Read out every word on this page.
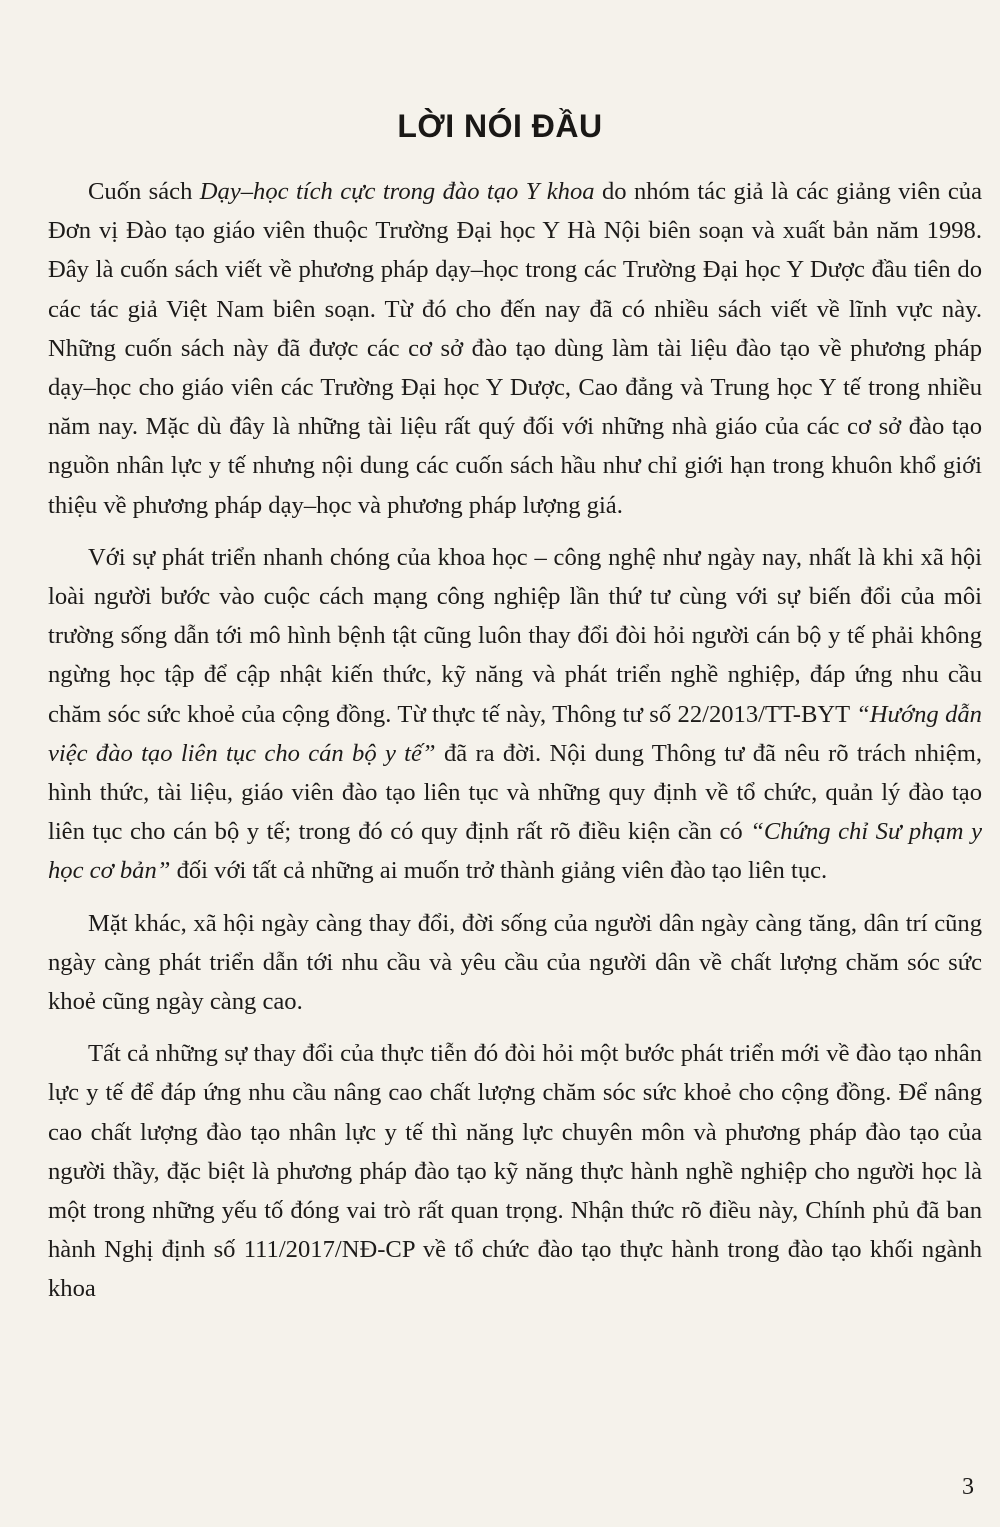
LỜI NÓI ĐẦU

Cuốn sách Dạy–học tích cực trong đào tạo Y khoa do nhóm tác giả là các giảng viên của Đơn vị Đào tạo giáo viên thuộc Trường Đại học Y Hà Nội biên soạn và xuất bản năm 1998. Đây là cuốn sách viết về phương pháp dạy–học trong các Trường Đại học Y Dược đầu tiên do các tác giả Việt Nam biên soạn. Từ đó cho đến nay đã có nhiều sách viết về lĩnh vực này. Những cuốn sách này đã được các cơ sở đào tạo dùng làm tài liệu đào tạo về phương pháp dạy–học cho giáo viên các Trường Đại học Y Dược, Cao đẳng và Trung học Y tế trong nhiều năm nay. Mặc dù đây là những tài liệu rất quý đối với những nhà giáo của các cơ sở đào tạo nguồn nhân lực y tế nhưng nội dung các cuốn sách hầu như chỉ giới hạn trong khuôn khổ giới thiệu về phương pháp dạy–học và phương pháp lượng giá.

Với sự phát triển nhanh chóng của khoa học – công nghệ như ngày nay, nhất là khi xã hội loài người bước vào cuộc cách mạng công nghiệp lần thứ tư cùng với sự biến đổi của môi trường sống dẫn tới mô hình bệnh tật cũng luôn thay đổi đòi hỏi người cán bộ y tế phải không ngừng học tập để cập nhật kiến thức, kỹ năng và phát triển nghề nghiệp, đáp ứng nhu cầu chăm sóc sức khoẻ của cộng đồng. Từ thực tế này, Thông tư số 22/2013/TT-BYT “Hướng dẫn việc đào tạo liên tục cho cán bộ y tế” đã ra đời. Nội dung Thông tư đã nêu rõ trách nhiệm, hình thức, tài liệu, giáo viên đào tạo liên tục và những quy định về tổ chức, quản lý đào tạo liên tục cho cán bộ y tế; trong đó có quy định rất rõ điều kiện cần có “Chứng chỉ Sư phạm y học cơ bản” đối với tất cả những ai muốn trở thành giảng viên đào tạo liên tục.

Mặt khác, xã hội ngày càng thay đổi, đời sống của người dân ngày càng tăng, dân trí cũng ngày càng phát triển dẫn tới nhu cầu và yêu cầu của người dân về chất lượng chăm sóc sức khoẻ cũng ngày càng cao.

Tất cả những sự thay đổi của thực tiễn đó đòi hỏi một bước phát triển mới về đào tạo nhân lực y tế để đáp ứng nhu cầu nâng cao chất lượng chăm sóc sức khoẻ cho cộng đồng. Để nâng cao chất lượng đào tạo nhân lực y tế thì năng lực chuyên môn và phương pháp đào tạo của người thầy, đặc biệt là phương pháp đào tạo kỹ năng thực hành nghề nghiệp cho người học là một trong những yếu tố đóng vai trò rất quan trọng. Nhận thức rõ điều này, Chính phủ đã ban hành Nghị định số 111/2017/NĐ-CP về tổ chức đào tạo thực hành trong đào tạo khối ngành khoa

3
